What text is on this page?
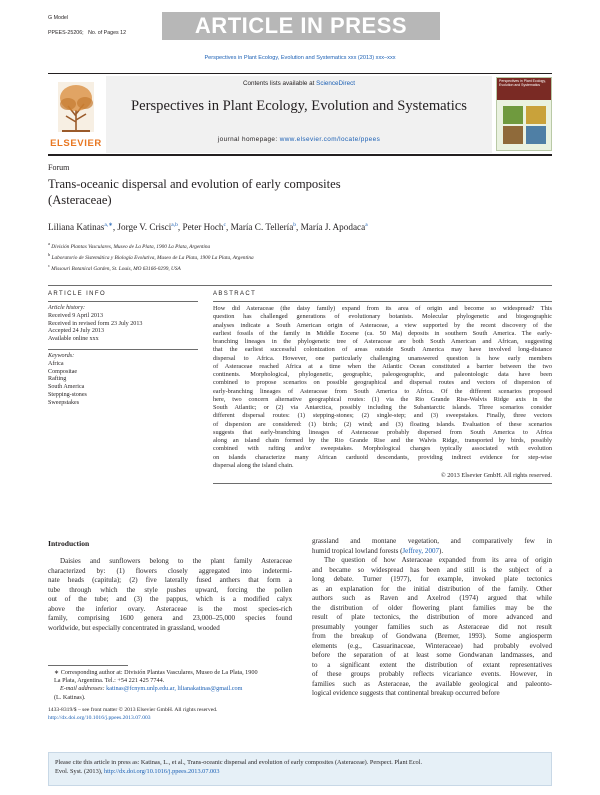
G Model
PPEES-25206; No. of Pages 12	ARTICLE IN PRESS
Perspectives in Plant Ecology, Evolution and Systematics xxx (2013) xxx–xxx
ELSEVIER
Contents lists available at ScienceDirect
Perspectives in Plant Ecology, Evolution and Systematics
journal homepage: www.elsevier.com/locate/ppees
Perspectives in Plant Ecology, Evolution and Systematics
Forum
Trans-oceanic dispersal and evolution of early composites
(Asteraceae)
Liliana Katinas$^{a,∗}$, Jorge V. Crisci$^{a,b}$, Peter Hoch$^c$, María C. Tellería$^b$, María J. Apodaca$^a$
$^a$ División Plantas Vasculares, Museo de La Plata, 1900 La Plata, Argentina
$^b$ Laboratorio de Sistemática y Biología Evolutiva, Museo de La Plata, 1900 La Plata, Argentina
$^c$ Missouri Botanical Garden, St. Louis, MO 63166-0299, USA
ARTICLE INFO
Article history:
Received 9 April 2013
Received in revised form 23 July 2013
Accepted 24 July 2013
Available online xxx
Keywords:
Africa
Compositae
Rafting
South America
Stepping-stones
Sweepstakes
ABSTRACT
How did Asteraceae (the daisy family) expand from its area of origin and become so widespread? This
question has challenged generations of evolutionary botanists. Molecular phylogenetic and biogeographic
analyses indicate a South American origin of Asteraceae, a view supported by the recent discovery of the
earliest fossils of the family in Middle Eocene (ca. 50 Ma) deposits in southern South America. The early-
branching lineages in the phylogenetic tree of Asteraceae are both South American and African, suggesting
that the earliest successful colonization of areas outside South America may have involved long-distance
dispersal to Africa. However, one particularly challenging unanswered question is how early members
of Asteraceae reached Africa at a time when the Atlantic Ocean constituted a barrier between the two
continents. Morphological, phylogenetic, geographic, paleogeographic, and paleontologic data have been
combined to propose scenarios on possible geographical and dispersal routes and vectors of dispersion of
early-branching lineages of Asteraceae from South America to Africa. Of the different scenarios proposed
here, two concern alternative geographical routes: (1) via the Rio Grande Rise-Walvis Ridge axis in the
South Atlantic; or (2) via Antarctica, possibly including the Subantarctic islands. Three scenarios consider
different dispersal routes: (1) stepping-stones; (2) single-step; and (3) sweepstakes. Finally, three vectors
of dispersion are considered: (1) birds; (2) wind; and (3) floating islands. Evaluation of these scenarios
suggests that early-branching lineages of Asteraceae probably dispersed from South America to Africa
along an island chain formed by the Rio Grande Rise and the Walvis Ridge, transported by birds, possibly
combined with rafting and/or sweepstakes. Morphological changes typically associated with evolution
on islands characterize many African carduoid descendants, providing indirect evidence for step-wise
dispersal along the island chain.
© 2013 Elsevier GmbH. All rights reserved.
Introduction
Daisies and sunflowers belong to the plant family Asteraceae
characterized by: (1) flowers closely aggregated into indetermi-
nate heads (capitula); (2) five laterally fused anthers that form a
tube through which the style pushes upward, forcing the pollen
out of the tube; and (3) the pappus, which is a modified calyx
above the inferior ovary. Asteraceae is the most species-rich
family, comprising 1600 genera and 23,000–25,000 species found
worldwide, but especially concentrated in grassland, wooded
grassland and montane vegetation, and comparatively few in
humid tropical lowland forests (Jeffrey, 2007).
The question of how Asteraceae expanded from its area of origin
and became so widespread has been and still is the subject of a
long debate. Turner (1977), for example, invoked plate tectonics
as an explanation for the initial distribution of the family. Other
authors such as Raven and Axelrod (1974) argued that while
the distribution of older flowering plant families may be the
result of plate tectonics, the distribution of more advanced and
presumably younger families such as Asteraceae did not result
from the breakup of Gondwana (Bremer, 1993). Some angiosperm
elements (e.g., Casuarinaceae, Winteraceae) had probably evolved
before the separation of at least some Gondwanan landmasses, and
to a significant extent the distribution of extant representatives
of these groups probably reflects vicariance events. However, in
families such as Asteraceae, the available geological and paleonto-
logical evidence suggests that continental breakup occurred before
∗ Corresponding author at: División Plantas Vasculares, Museo de La Plata, 1900
La Plata, Argentina. Tel.: +54 221 425 7744.
E-mail addresses: katinas@fcnym.unlp.edu.ar, lilianakatinas@gmail.com
(L. Katinas).
1433-8319/$ – see front matter © 2013 Elsevier GmbH. All rights reserved.
http://dx.doi.org/10.1016/j.ppees.2013.07.003
Please cite this article in press as: Katinas, L., et al., Trans-oceanic dispersal and evolution of early composites (Asteraceae). Perspect. Plant Ecol.
Evol. Syst. (2013), http://dx.doi.org/10.1016/j.ppees.2013.07.003
